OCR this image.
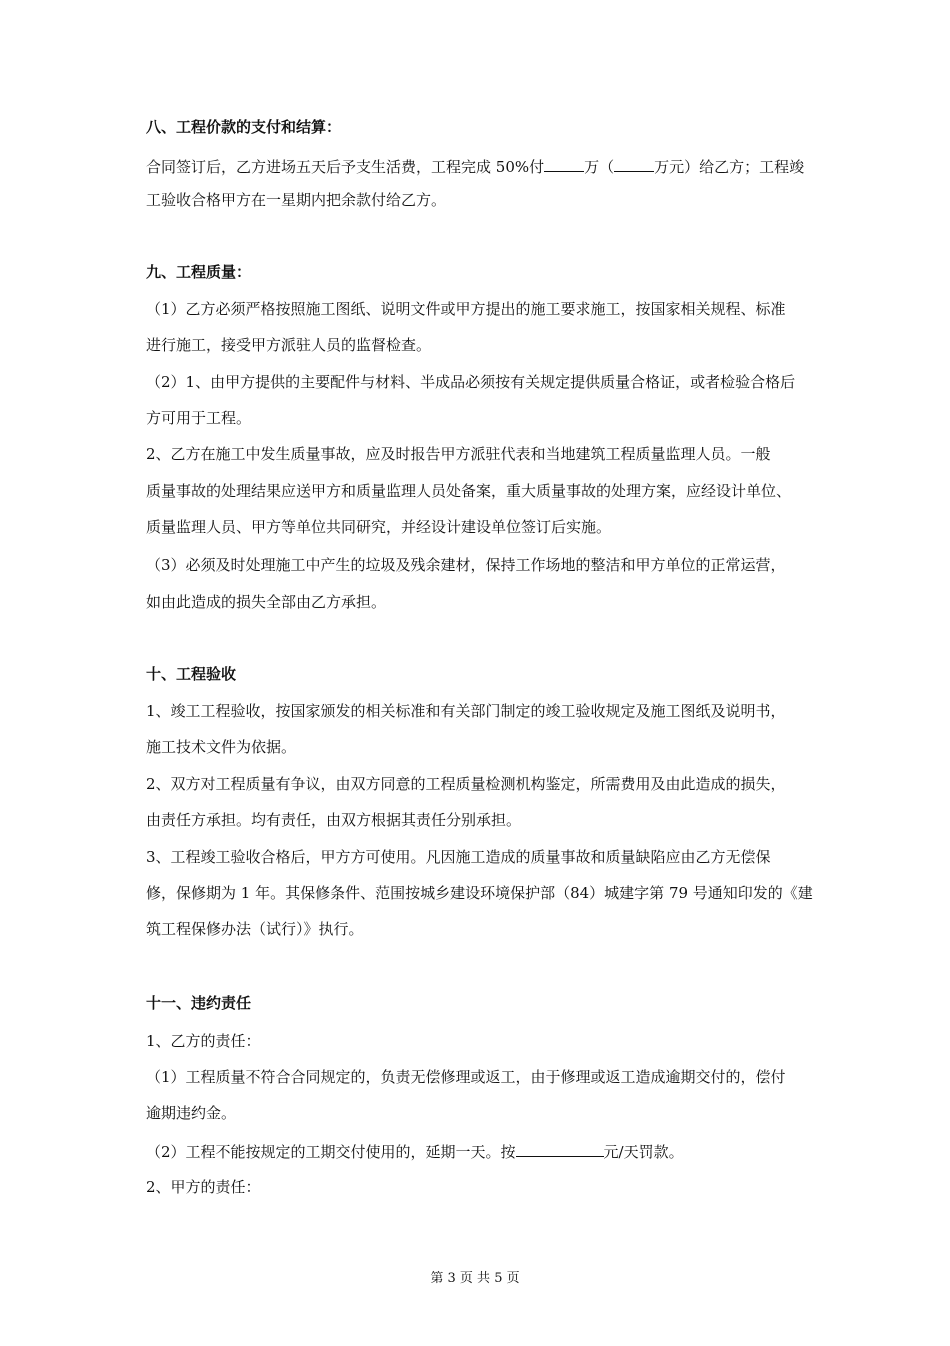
八、工程价款的支付和结算：
合同签订后，乙方进场五天后予支生活费，工程完成 50%付	万（	万元）给乙方；工程竣
工验收合格甲方在一星期内把余款付给乙方。
九、工程质量：
（1）乙方必须严格按照施工图纸、说明文件或甲方提出的施工要求施工，按国家相关规程、标准
进行施工，接受甲方派驻人员的监督检查。
（2）1、由甲方提供的主要配件与材料、半成品必须按有关规定提供质量合格证，或者检验合格后
方可用于工程。
2、乙方在施工中发生质量事故，应及时报告甲方派驻代表和当地建筑工程质量监理人员。一般
质量事故的处理结果应送甲方和质量监理人员处备案，重大质量事故的处理方案，应经设计单位、
质量监理人员、甲方等单位共同研究，并经设计建设单位签订后实施。
（3）必须及时处理施工中产生的垃圾及残余建材，保持工作场地的整洁和甲方单位的正常运营，
如由此造成的损失全部由乙方承担。
十、工程验收
1、竣工工程验收，按国家颁发的相关标准和有关部门制定的竣工验收规定及施工图纸及说明书，
施工技术文件为依据。
2、双方对工程质量有争议，由双方同意的工程质量检测机构鉴定，所需费用及由此造成的损失，
由责任方承担。均有责任，由双方根据其责任分别承担。
3、工程竣工验收合格后，甲方方可使用。凡因施工造成的质量事故和质量缺陷应由乙方无偿保
修，保修期为 1 年。其保修条件、范围按城乡建设环境保护部（84）城建字第 79 号通知印发的《建
筑工程保修办法（试行）》执行。
十一、违约责任
1、乙方的责任：
（1）工程质量不符合合同规定的，负责无偿修理或返工，由于修理或返工造成逾期交付的，偿付
逾期违约金。
（2）工程不能按规定的工期交付使用的，延期一天。按	元/天罚款。
2、甲方的责任：
第 3 页 共 5 页
